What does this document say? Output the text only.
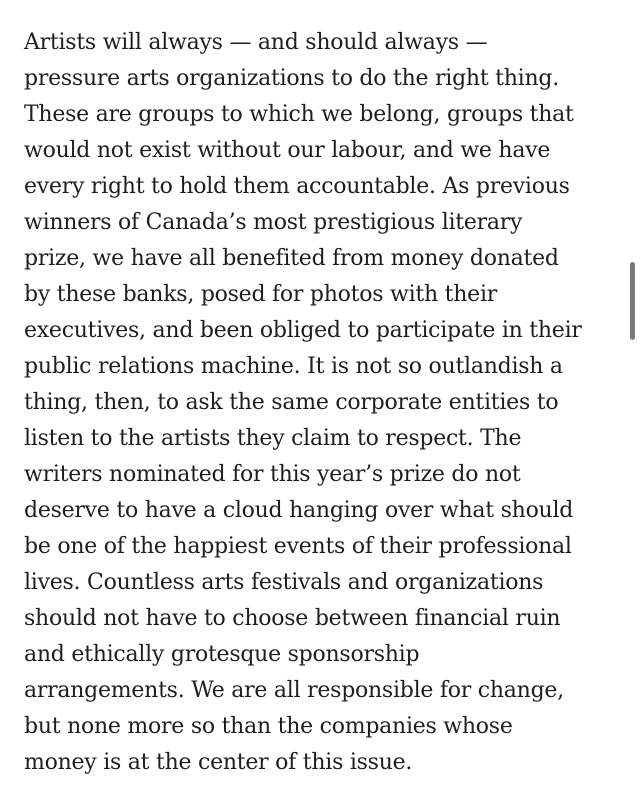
Artists will always — and should always —
pressure arts organizations to do the right thing.
These are groups to which we belong, groups that
would not exist without our labour, and we have
every right to hold them accountable. As previous
winners of Canada’s most prestigious literary
prize, we have all benefited from money donated
by these banks, posed for photos with their
executives, and been obliged to participate in their
public relations machine. It is not so outlandish a
thing, then, to ask the same corporate entities to
listen to the artists they claim to respect. The
writers nominated for this year’s prize do not
deserve to have a cloud hanging over what should
be one of the happiest events of their professional
lives. Countless arts festivals and organizations
should not have to choose between financial ruin
and ethically grotesque sponsorship
arrangements. We are all responsible for change,
but none more so than the companies whose
money is at the center of this issue.
